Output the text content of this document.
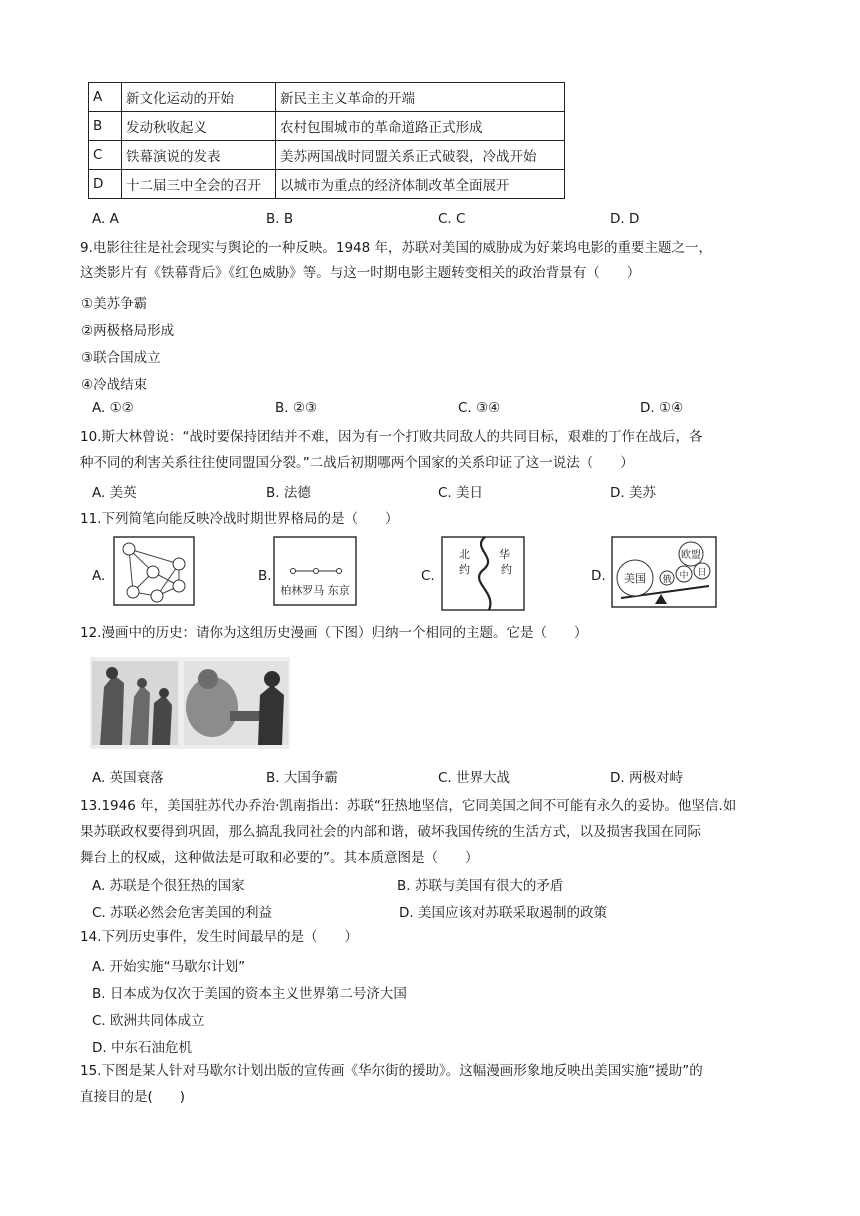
A	新文化运动的开始	新民主主义革命的开端
B	发动秋收起义	农村包围城市的革命道路正式形成
C	铁幕演说的发表	美苏两国战时同盟关系正式破裂，冷战开始
D	十二届三中全会的召开	以城市为重点的经济体制改革全面展开
A. A	B. B	C. C	D. D
9.电影往往是社会现实与舆论的一种反映。1948 年，苏联对美国的威胁成为好莱坞电影的重要主题之一，
这类影片有《铁幕背后》《红色威胁》等。与这一时期电影主题转变相关的政治背景有（　　）
①美苏争霸
②两极格局形成
③联合国成立
④冷战结束
A. ①②	B. ②③	C. ③④	D. ①④
10.斯大林曾说：“战时要保持团结并不难，因为有一个打败共同敌人的共同目标，艰难的丁作在战后，各
种不同的利害关系往往使同盟国分裂。”二战后初期哪两个国家的关系印证了这一说法（　　）
A. 美英	B. 法德	C. 美日	D. 美苏
11.下列简笔向能反映冷战时期世界格局的是（　　）
A.	B.
柏林罗马 东京
C.
北
约
华
约	D. 美国
欧盟
俄 中 日
12.漫画中的历史：请你为这组历史漫画（下图）归纳一个相同的主题。它是（　　）
A. 英国衰落	B. 大国争霸	C. 世界大战	D. 两极对峙
13.1946 年，美国驻苏代办乔治·凯南指出：苏联“狂热地坚信，它同美国之间不可能有永久的妥协。他坚信.如
果苏联政权要得到巩固，那么搞乱我同社会的内部和谐，破坏我国传统的生活方式，以及损害我国在同际
舞台上的权威，这种做法是可取和必要的”。其本质意图是（　　）
A. 苏联是个很狂热的国家	B. 苏联与美国有很大的矛盾
C. 苏联必然会危害美国的利益	D. 美国应该对苏联采取遏制的政策
14.下列历史事件，发生时间最早的是（　　）
A. 开始实施“马歇尔计划”
B. 日本成为仅次于美国的资本主义世界第二号济大国
C. 欧洲共同体成立
D. 中东石油危机
15.下图是某人针对马歇尔计划出版的宣传画《华尔街的援助》。这幅漫画形象地反映出美国实施“援助”的
直接目的是(　　)
